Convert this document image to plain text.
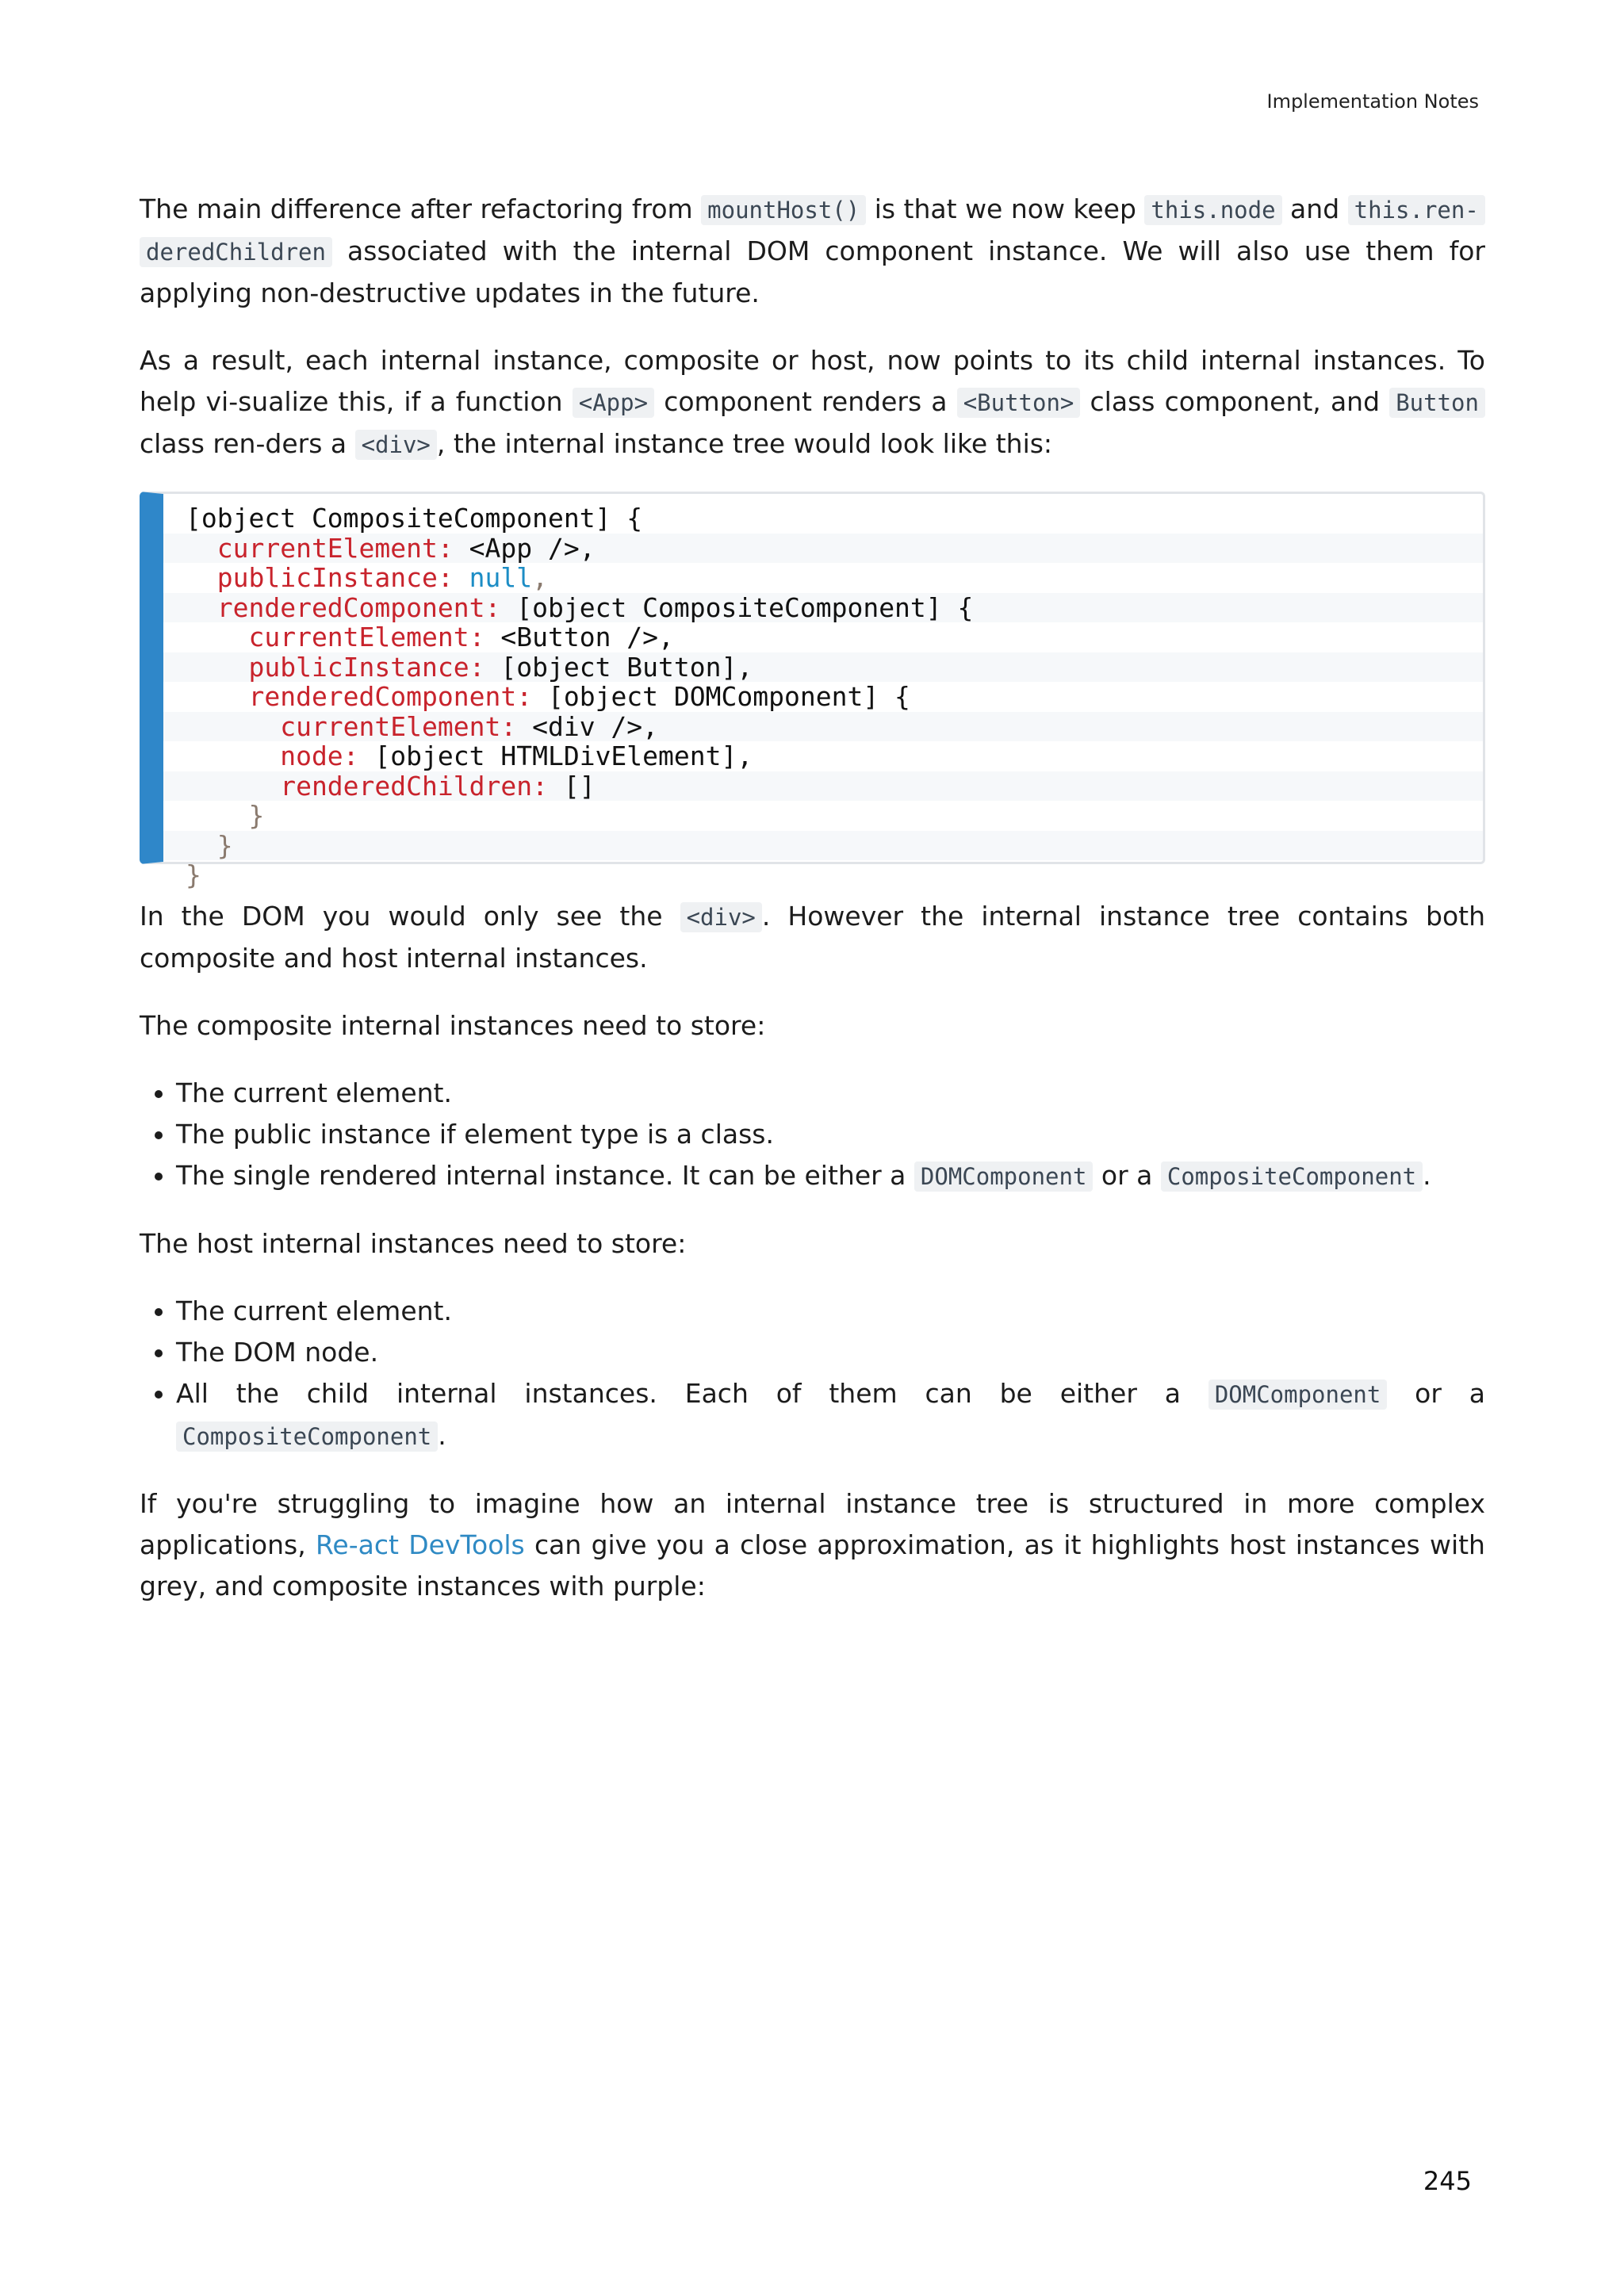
Implementation Notes

The main difference after refactoring from mountHost() is that we now keep this.node and this.ren-
deredChildren associated with the internal DOM component instance. We will also use them for applying non-destructive updates in the future.

As a result, each internal instance, composite or host, now points to its child internal instances. To help vi-sualize this, if a function <App> component renders a <Button> class component, and Button class ren-ders a <div> , the internal instance tree would look like this:

[object CompositeComponent] {
currentElement: <App />,
publicInstance: null,
renderedComponent: [object CompositeComponent] {
currentElement: <Button />,
publicInstance: [object Button],
renderedComponent: [object DOMComponent] {
currentElement: <div />,
node: [object HTMLDivElement],
renderedChildren: []
}
}
}

In the DOM you would only see the <div> . However the internal instance tree contains both composite and host internal instances.

The composite internal instances need to store:

• The current element.
• The public instance if element type is a class.
• The single rendered internal instance. It can be either a DOMComponent or a CompositeComponent .

The host internal instances need to store:

• The current element.
• The DOM node.
• All the child internal instances. Each of them can be either a DOMComponent or a CompositeComponent .

If you're struggling to imagine how an internal instance tree is structured in more complex applications, Re-act DevTools can give you a close approximation, as it highlights host instances with grey, and composite instances with purple:

245
